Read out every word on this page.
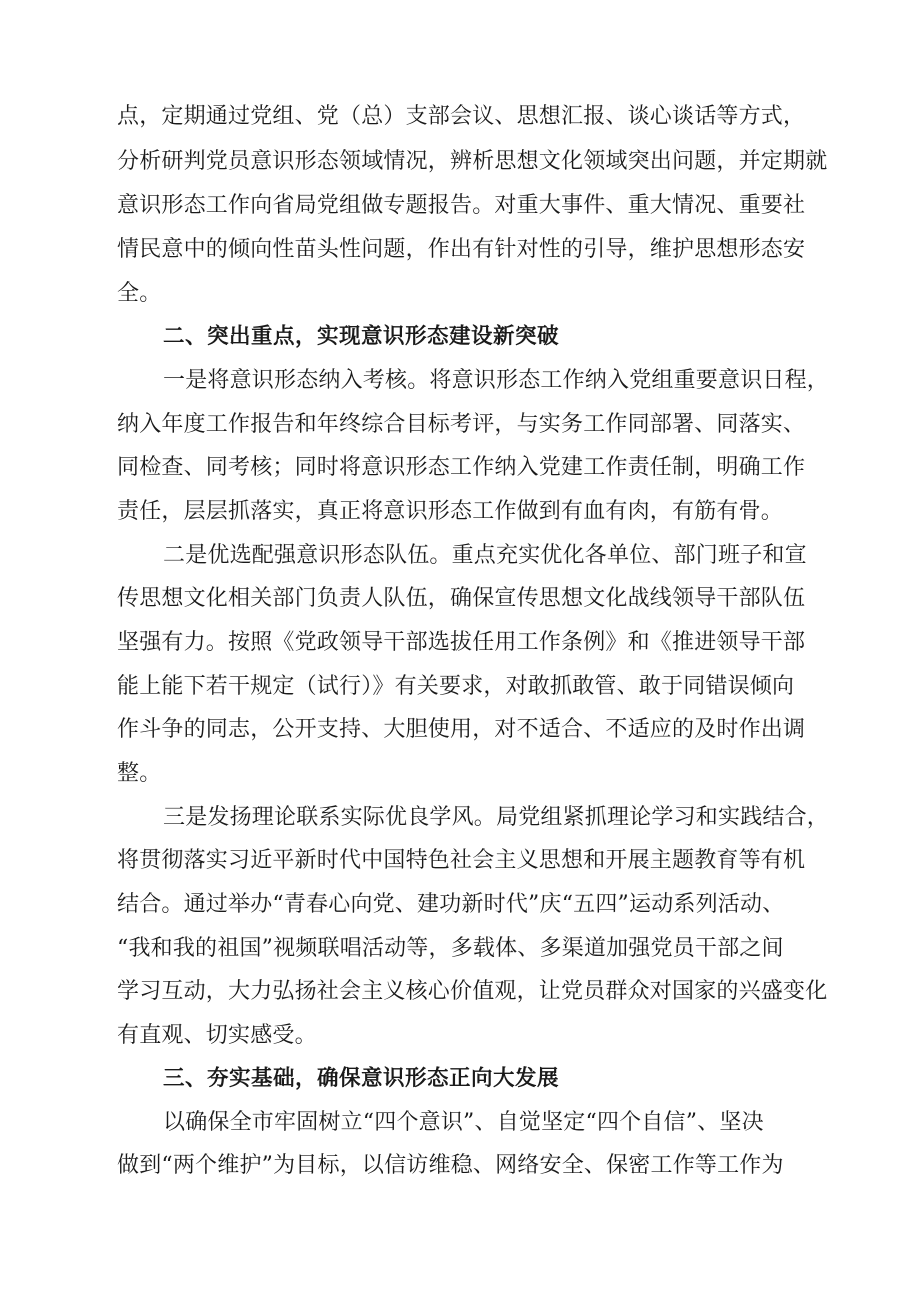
点，定期通过党组、党（总）支部会议、思想汇报、谈心谈话等方式，
分析研判党员意识形态领域情况，辨析思想文化领域突出问题，并定期就
意识形态工作向省局党组做专题报告。对重大事件、重大情况、重要社
情民意中的倾向性苗头性问题，作出有针对性的引导，维护思想形态安
全。
二、突出重点，实现意识形态建设新突破
一是将意识形态纳入考核。将意识形态工作纳入党组重要意识日程，
纳入年度工作报告和年终综合目标考评，与实务工作同部署、同落实、
同检查、同考核；同时将意识形态工作纳入党建工作责任制，明确工作
责任，层层抓落实，真正将意识形态工作做到有血有肉，有筋有骨。
二是优选配强意识形态队伍。重点充实优化各单位、部门班子和宣
传思想文化相关部门负责人队伍，确保宣传思想文化战线领导干部队伍
坚强有力。按照《党政领导干部选拔任用工作条例》和《推进领导干部
能上能下若干规定（试行）》有关要求，对敢抓敢管、敢于同错误倾向
作斗争的同志，公开支持、大胆使用，对不适合、不适应的及时作出调
整。
三是发扬理论联系实际优良学风。局党组紧抓理论学习和实践结合，
将贯彻落实习近平新时代中国特色社会主义思想和开展主题教育等有机
结合。通过举办“青春心向党、建功新时代”庆“五四”运动系列活动、
“我和我的祖国”视频联唱活动等，多载体、多渠道加强党员干部之间
学习互动，大力弘扬社会主义核心价值观，让党员群众对国家的兴盛变化
有直观、切实感受。
三、夯实基础，确保意识形态正向大发展
以确保全市牢固树立“四个意识”、自觉坚定“四个自信”、坚决
做到“两个维护”为目标，以信访维稳、网络安全、保密工作等工作为
